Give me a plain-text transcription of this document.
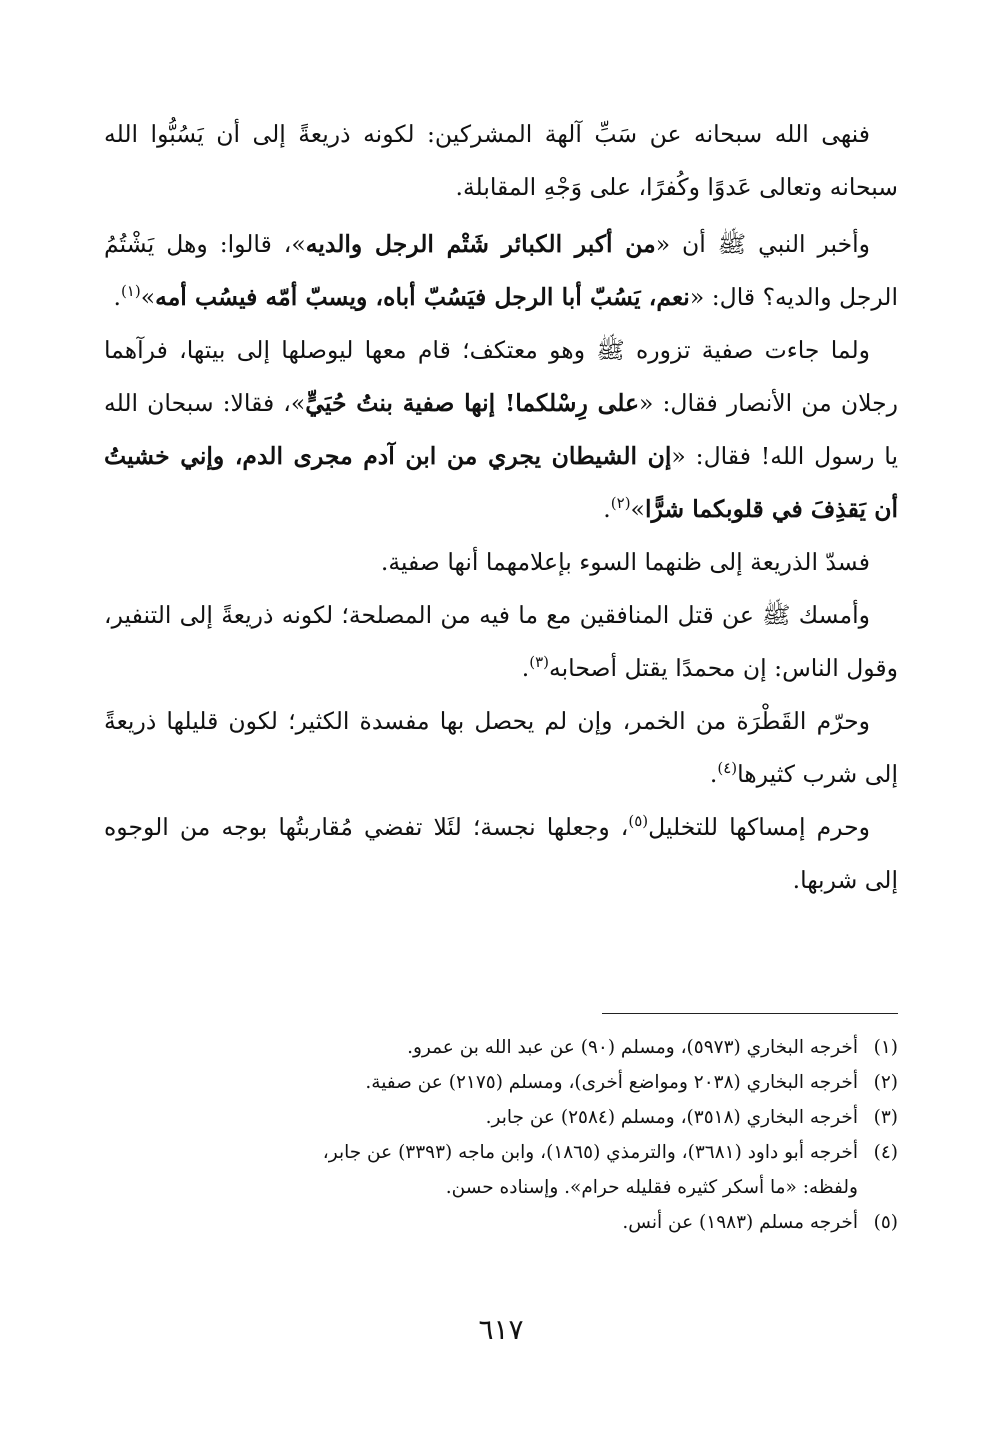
فنهى الله سبحانه عن سَبِّ آلهة المشركين: لكونه ذريعةً إلى أن يَسُبُّوا الله سبحانه وتعالى عَدوًا وكُفرًا، على وَجْهِ المقابلة.

وأخبر النبي ﷺ أن «من أكبر الكبائر شَتْم الرجل والديه»، قالوا: وهل يَشْتُمُ الرجل والديه؟ قال: «نعم، يَسُبّ أبا الرجل فيَسُبّ أباه، ويسبّ أمّه فيسُب أمه»$^{(١)}$.

ولما جاءت صفية تزوره ﷺ وهو معتكف؛ قام معها ليوصلها إلى بيتها، فرآهما رجلان من الأنصار فقال: «على رِسْلكما! إنها صفية بنتُ حُيَيٍّ»، فقالا: سبحان الله يا رسول الله! فقال: «إن الشيطان يجري من ابن آدم مجرى الدم، وإني خشيتُ أن يَقذِفَ في قلوبكما شرًّا»$^{(٢)}$.

فسدّ الذريعة إلى ظنهما السوء بإعلامهما أنها صفية.

وأمسك ﷺ عن قتل المنافقين مع ما فيه من المصلحة؛ لكونه ذريعةً إلى التنفير، وقول الناس: إن محمدًا يقتل أصحابه$^{(٣)}$.

وحرّم القَطْرَة من الخمر، وإن لم يحصل بها مفسدة الكثير؛ لكون قليلها ذريعةً إلى شرب كثيرها$^{(٤)}$.

وحرم إمساكها للتخليل$^{(٥)}$، وجعلها نجسة؛ لئَلا تفضي مُقاربتُها بوجه من الوجوه إلى شربها.

(١)أخرجه البخاري (٥٩٧٣)، ومسلم (٩٠) عن عبد الله بن عمرو.

(٢)أخرجه البخاري (٢٠٣٨ ومواضع أخرى)، ومسلم (٢١٧٥) عن صفية.

(٣)أخرجه البخاري (٣٥١٨)، ومسلم (٢٥٨٤) عن جابر.

(٤)أخرجه أبو داود (٣٦٨١)، والترمذي (١٨٦٥)، وابن ماجه (٣٣٩٣) عن جابر،

ولفظه: «ما أسكر كثيره فقليله حرام». وإسناده حسن.

(٥)أخرجه مسلم (١٩٨٣) عن أنس.

٦١٧
